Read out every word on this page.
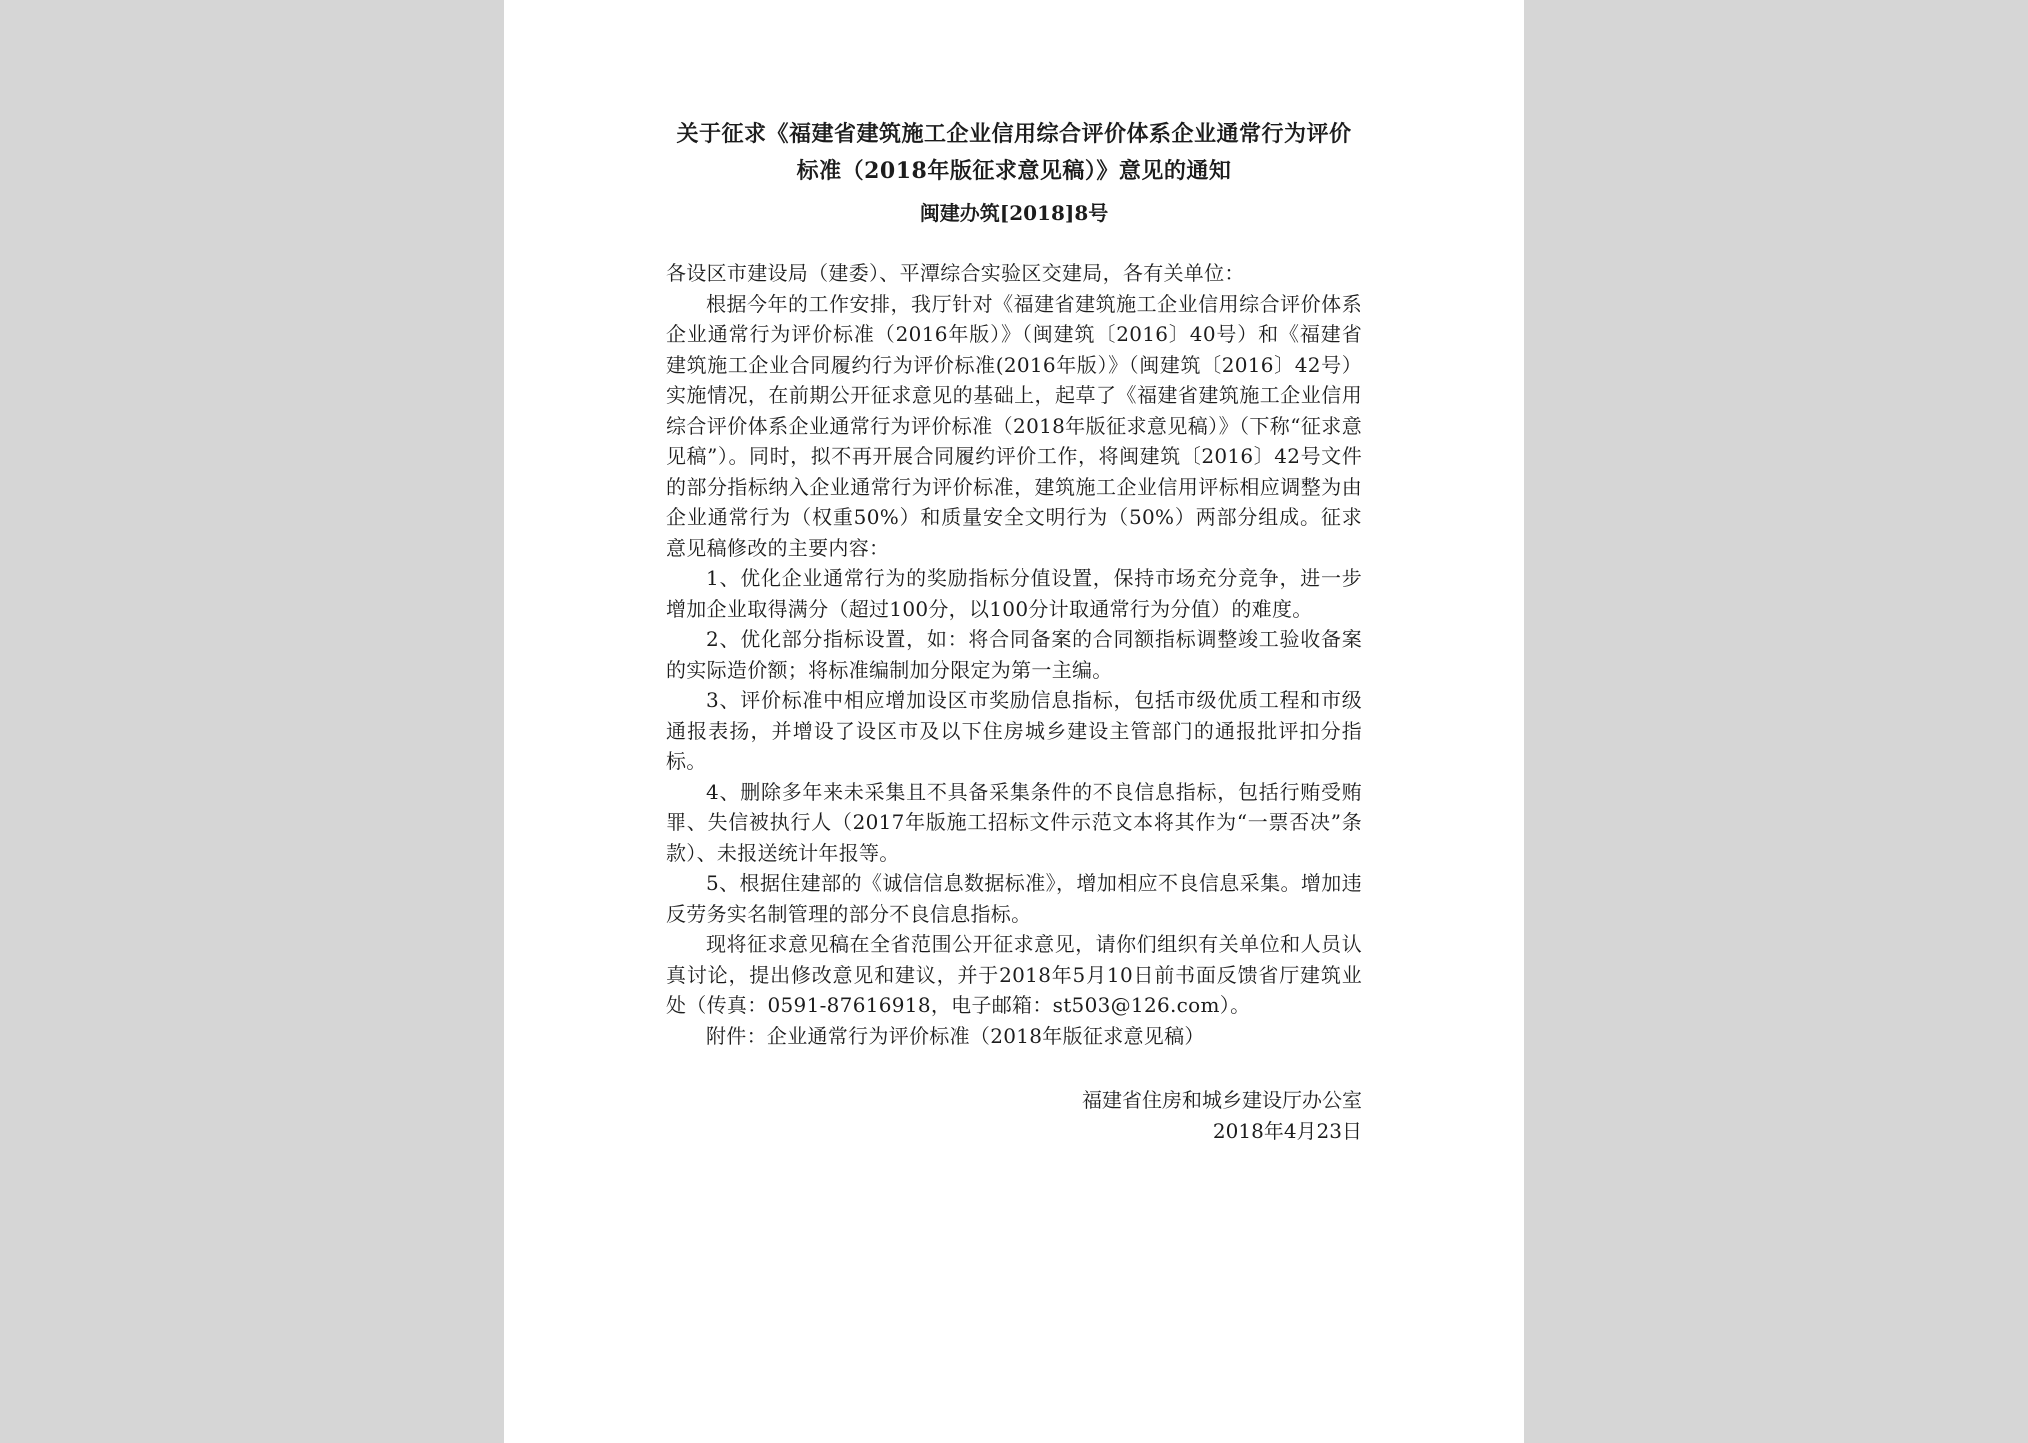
关于征求《福建省建筑施工企业信用综合评价体系企业通常行为评价标准（2018年版征求意见稿）》意见的通知
闽建办筑[2018]8号

各设区市建设局（建委）、平潭综合实验区交建局，各有关单位：

根据今年的工作安排，我厅针对《福建省建筑施工企业信用综合评价体系企业通常行为评价标准（2016年版）》（闽建筑〔2016〕40号）和《福建省建筑施工企业合同履约行为评价标准(2016年版）》（闽建筑〔2016〕42号）实施情况，在前期公开征求意见的基础上，起草了《福建省建筑施工企业信用综合评价体系企业通常行为评价标准（2018年版征求意见稿）》（下称“征求意见稿”）。同时，拟不再开展合同履约评价工作，将闽建筑〔2016〕42号文件的部分指标纳入企业通常行为评价标准，建筑施工企业信用评标相应调整为由企业通常行为（权重50%）和质量安全文明行为（50%）两部分组成。征求意见稿修改的主要内容：

1、优化企业通常行为的奖励指标分值设置，保持市场充分竞争，进一步增加企业取得满分（超过100分，以100分计取通常行为分值）的难度。

2、优化部分指标设置，如：将合同备案的合同额指标调整竣工验收备案的实际造价额；将标准编制加分限定为第一主编。

3、评价标准中相应增加设区市奖励信息指标，包括市级优质工程和市级通报表扬，并增设了设区市及以下住房城乡建设主管部门的通报批评扣分指标。

4、删除多年来未采集且不具备采集条件的不良信息指标，包括行贿受贿罪、失信被执行人（2017年版施工招标文件示范文本将其作为“一票否决”条款）、未报送统计年报等。

5、根据住建部的《诚信信息数据标准》，增加相应不良信息采集。增加违反劳务实名制管理的部分不良信息指标。

现将征求意见稿在全省范围公开征求意见，请你们组织有关单位和人员认真讨论，提出修改意见和建议，并于2018年5月10日前书面反馈省厅建筑业处（传真：0591-87616918，电子邮箱：st503@126.com）。

附件：企业通常行为评价标准（2018年版征求意见稿）

福建省住房和城乡建设厅办公室
2018年4月23日
